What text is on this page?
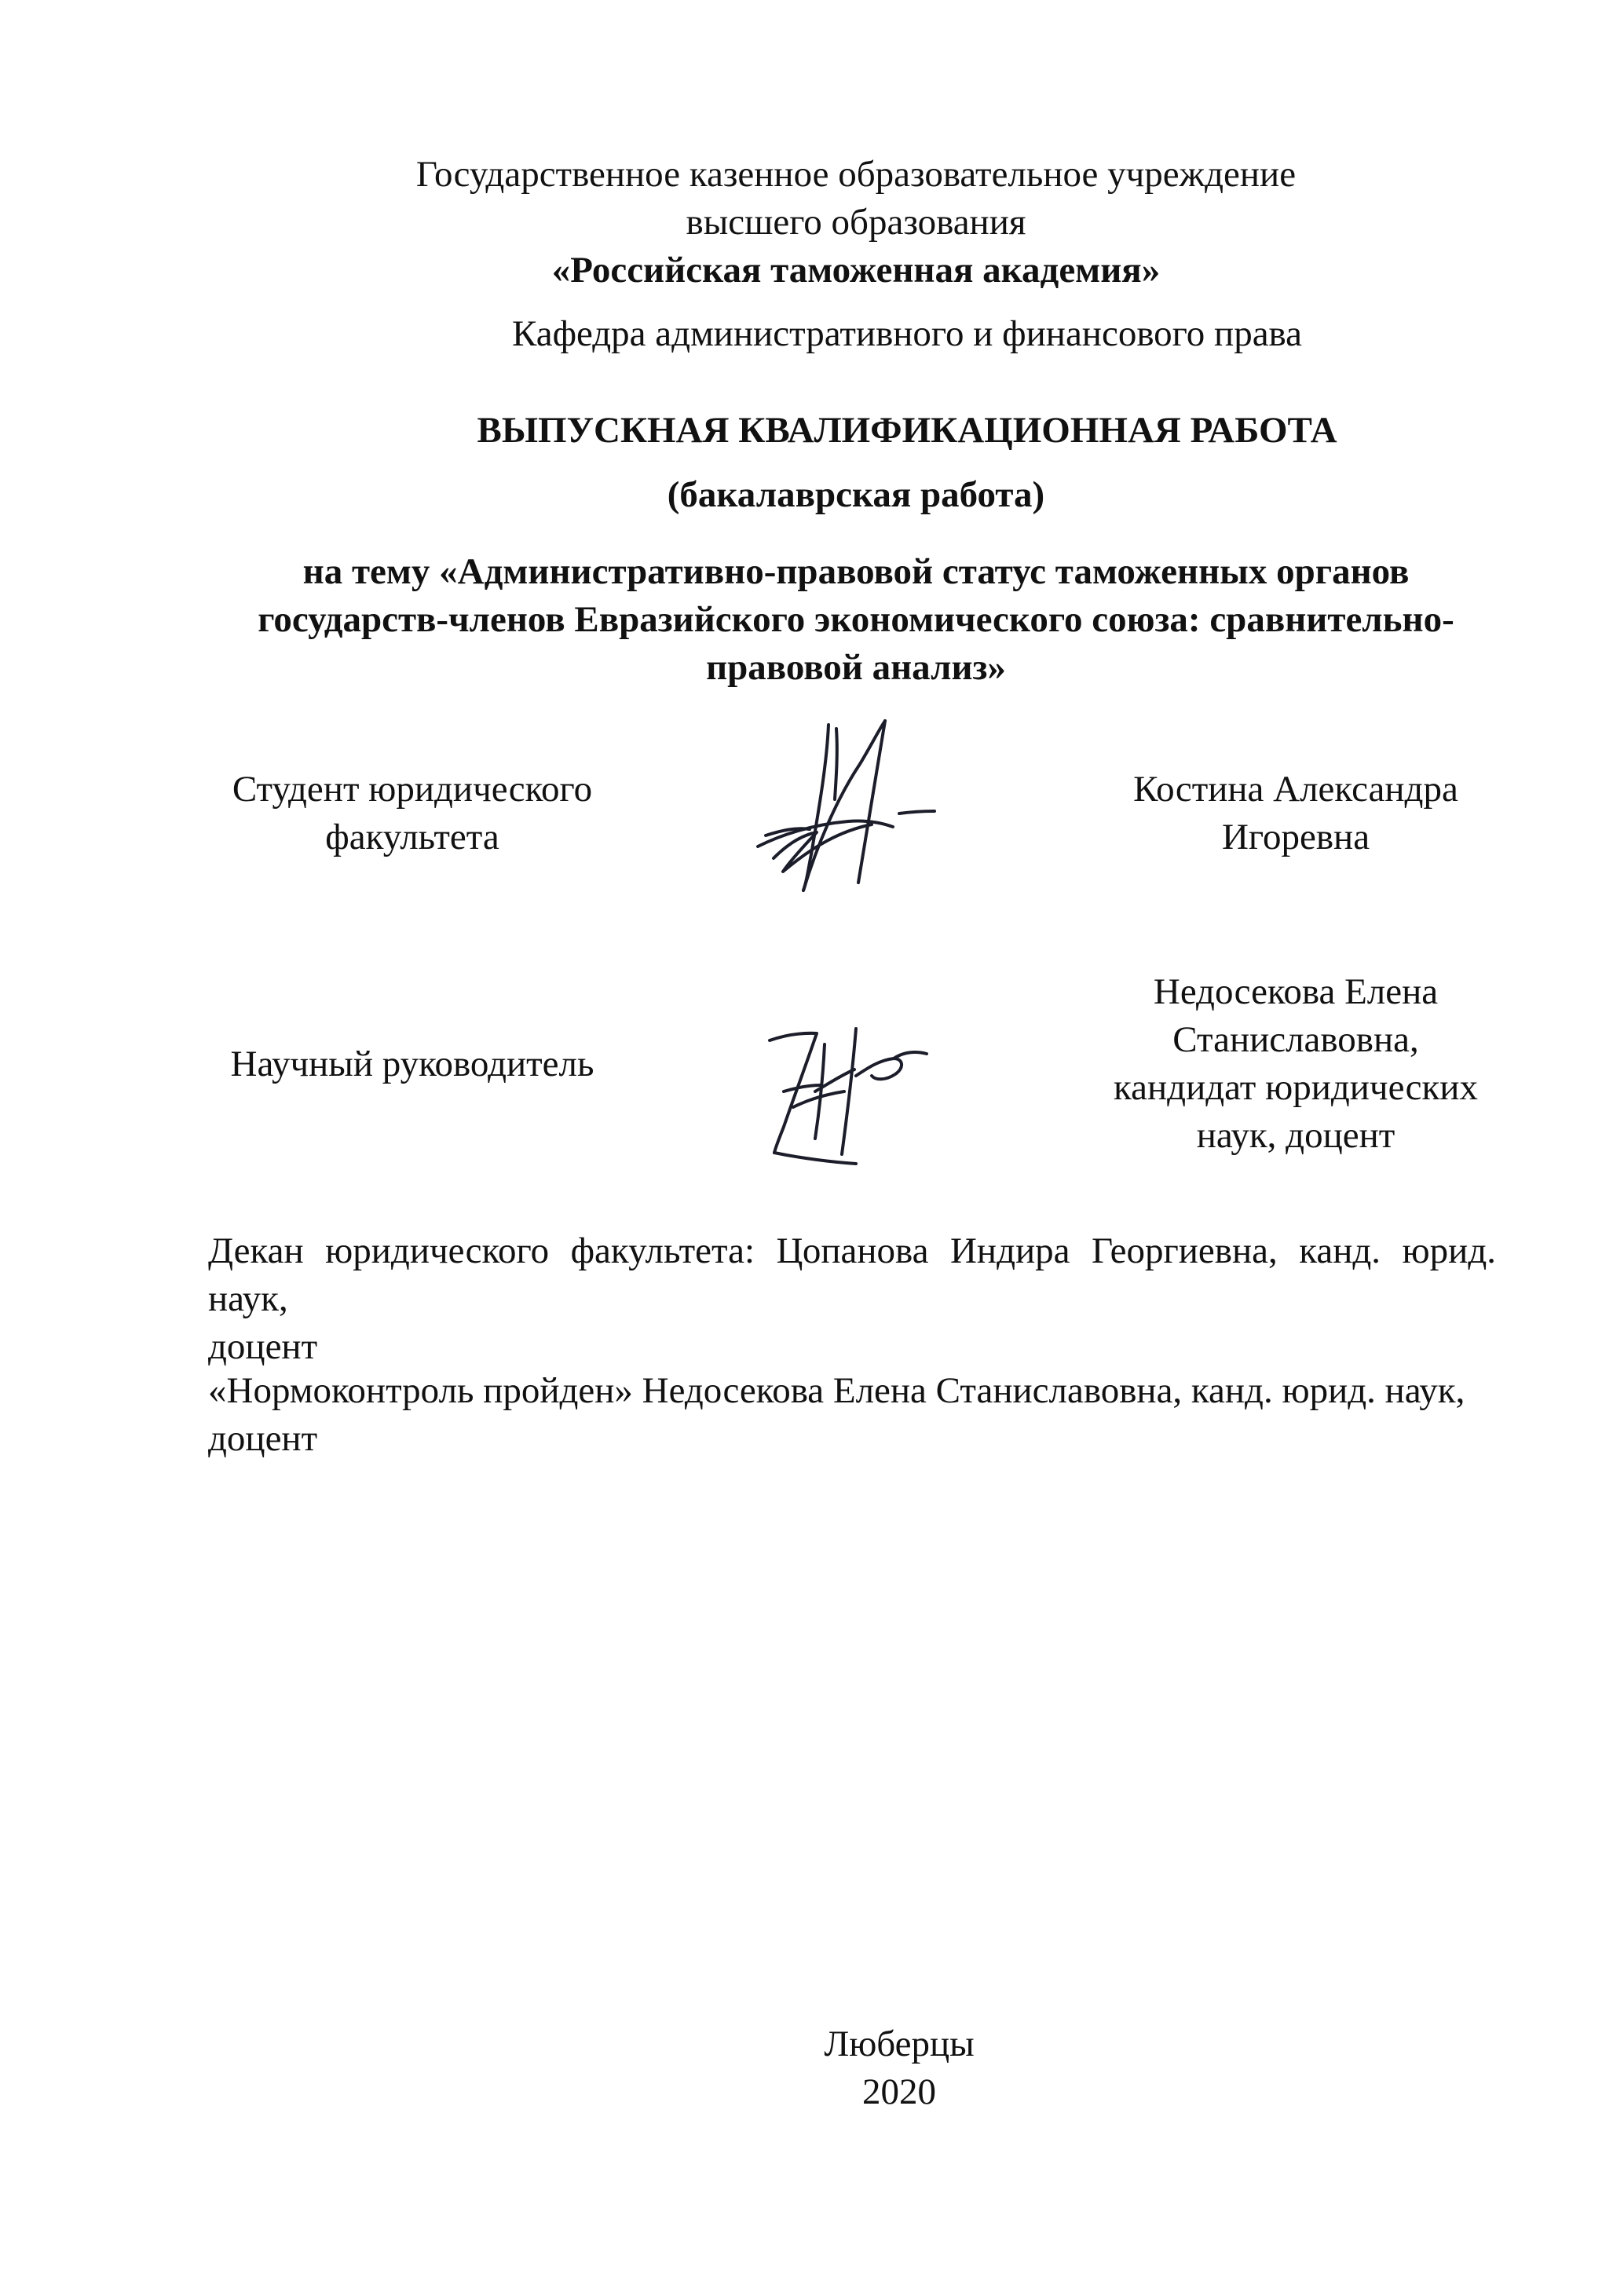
Государственное казенное образовательное учреждение
высшего образования
«Российская таможенная академия»
Кафедра административного и финансового права
ВЫПУСКНАЯ КВАЛИФИКАЦИОННАЯ РАБОТА
(бакалаврская работа)
на тему «Административно-правовой статус таможенных органов
государств-членов Евразийского экономического союза: сравнительно-
правовой анализ»
Студент юридического
факультета
Костина Александра
Игоревна
Научный руководитель
Недосекова Елена
Станиславовна,
кандидат юридических
наук, доцент
Декан юридического факультета: Цопанова Индира Георгиевна, канд. юрид. наук,
доцент
«Нормоконтроль пройден» Недосекова Елена Станиславовна, канд. юрид. наук,
доцент
Люберцы
2020
